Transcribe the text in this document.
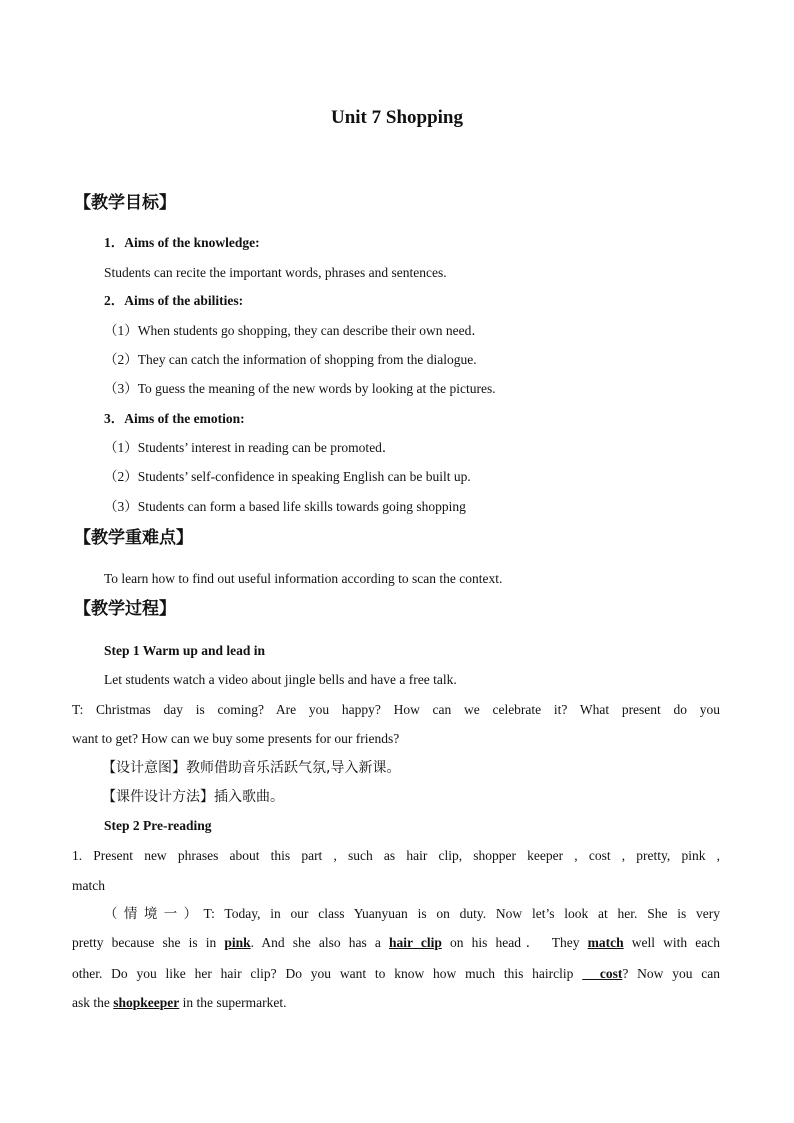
Unit 7 Shopping
【教学目标】
1．Aims of the knowledge:
Students can recite the important words, phrases and sentences.
2．Aims of the abilities:
（1）When students go shopping, they can describe their own need．
（2）They can catch the information of shopping from the dialogue.
（3）To guess the meaning of the new words by looking at the pictures.
3．Aims of the emotion:
（1）Students’ interest in reading can be promoted．
（2）Students’ self-confidence in speaking English can be built up.
（3）Students can form a based life skills towards going shopping
【教学重难点】
To learn how to find out useful information according to scan the context.
【教学过程】
Step 1 Warm up and lead in
Let students watch a video about jingle bells and have a free talk.
T: Christmas day is coming? Are you happy? How can we celebrate it? What present do you
want to get? How can we buy some presents for our friends?
【设计意图】教师借助音乐活跃气氛,导入新课。
【课件设计方法】插入歌曲。
Step 2 Pre-reading
1. Present new phrases about this part , such as hair clip, shopper keeper , cost , pretty, pink ,
match
（情境一）T: Today, in our class Yuanyuan is on duty. Now let’s look at her. She is very
pretty because she is in pink. And she also has a hair clip on his head． They match well with each
other. Do you like her hair clip? Do you want to know how much this hairclip   cost? Now you can
ask the shopkeeper in the supermarket.
